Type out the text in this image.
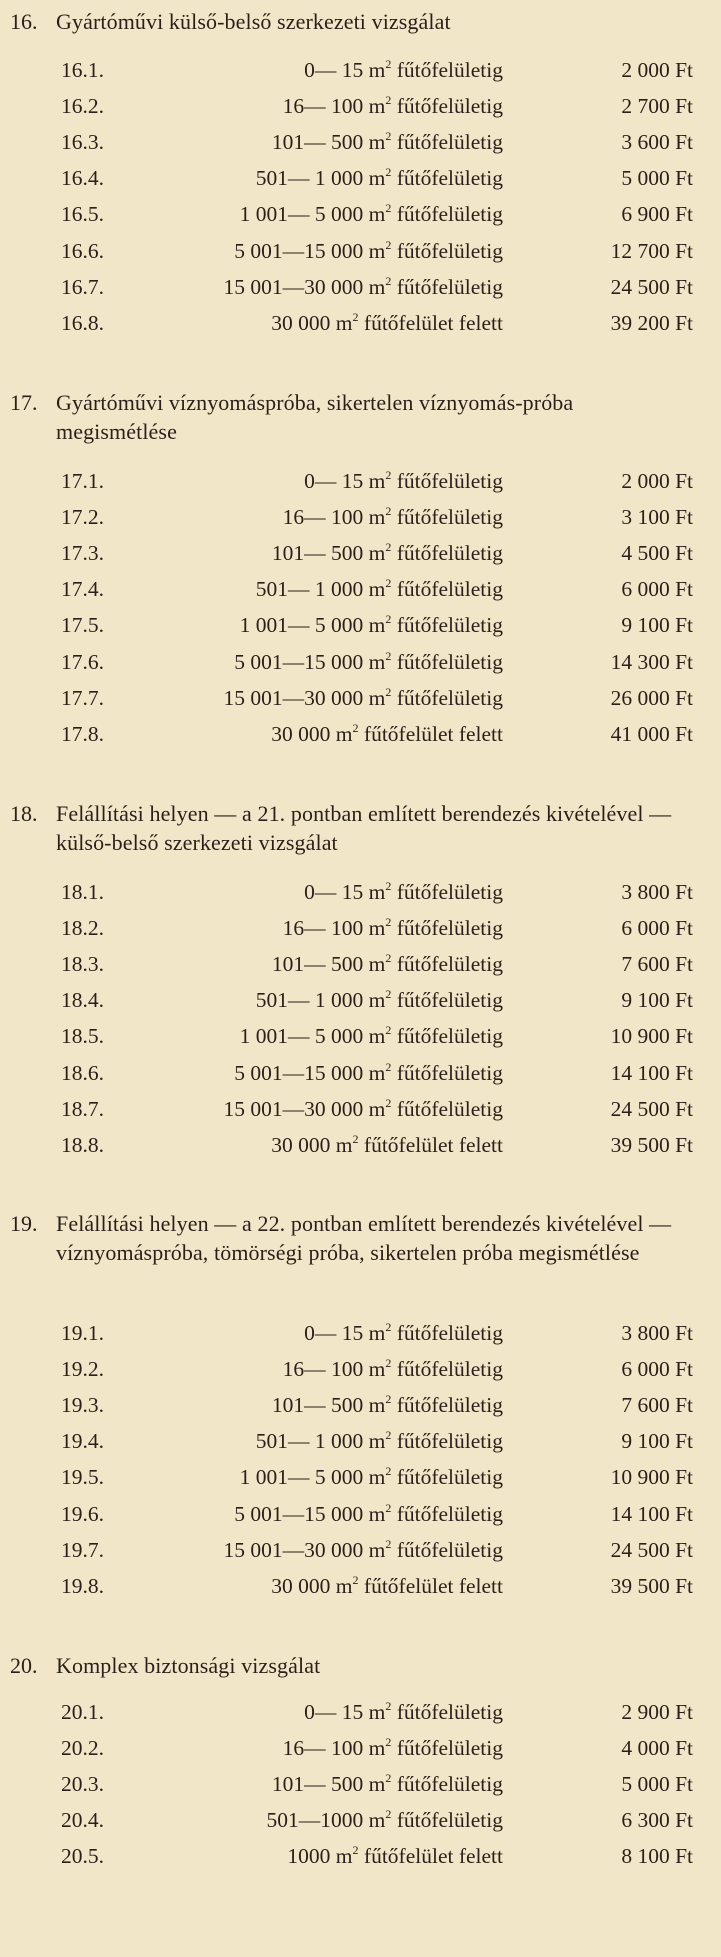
16. Gyártóművi külső-belső szerkezeti vizsgálat
16.1.	0— 15 $m^2$ fűtőfelületig	2 000 Ft
16.2.	16— 100 $m^2$ fűtőfelületig	2 700 Ft
16.3.	101— 500 $m^2$ fűtőfelületig	3 600 Ft
16.4.	501— 1 000 $m^2$ fűtőfelületig	5 000 Ft
16.5.	1 001— 5 000 $m^2$ fűtőfelületig	6 900 Ft
16.6.	5 001—15 000 $m^2$ fűtőfelületig	12 700 Ft
16.7.	15 001—30 000 $m^2$ fűtőfelületig	24 500 Ft
16.8.	30 000 $m^2$ fűtőfelület felett	39 200 Ft
17. Gyártóművi víznyomáspróba, sikertelen víznyomás-próba megismétlése
17.1.	0— 15 $m^2$ fűtőfelületig	2 000 Ft
17.2.	16— 100 $m^2$ fűtőfelületig	3 100 Ft
17.3.	101— 500 $m^2$ fűtőfelületig	4 500 Ft
17.4.	501— 1 000 $m^2$ fűtőfelületig	6 000 Ft
17.5.	1 001— 5 000 $m^2$ fűtőfelületig	9 100 Ft
17.6.	5 001—15 000 $m^2$ fűtőfelületig	14 300 Ft
17.7.	15 001—30 000 $m^2$ fűtőfelületig	26 000 Ft
17.8.	30 000 $m^2$ fűtőfelület felett	41 000 Ft
18. Felállítási helyen — a 21. pontban említett berendezés kivételével — külső-belső szerkezeti vizsgálat
18.1.	0— 15 $m^2$ fűtőfelületig	3 800 Ft
18.2.	16— 100 $m^2$ fűtőfelületig	6 000 Ft
18.3.	101— 500 $m^2$ fűtőfelületig	7 600 Ft
18.4.	501— 1 000 $m^2$ fűtőfelületig	9 100 Ft
18.5.	1 001— 5 000 $m^2$ fűtőfelületig	10 900 Ft
18.6.	5 001—15 000 $m^2$ fűtőfelületig	14 100 Ft
18.7.	15 001—30 000 $m^2$ fűtőfelületig	24 500 Ft
18.8.	30 000 $m^2$ fűtőfelület felett	39 500 Ft
19. Felállítási helyen — a 22. pontban említett berendezés kivételével — víznyomáspróba, tömörségi próba, sikertelen próba megismétlése
19.1.	0— 15 $m^2$ fűtőfelületig	3 800 Ft
19.2.	16— 100 $m^2$ fűtőfelületig	6 000 Ft
19.3.	101— 500 $m^2$ fűtőfelületig	7 600 Ft
19.4.	501— 1 000 $m^2$ fűtőfelületig	9 100 Ft
19.5.	1 001— 5 000 $m^2$ fűtőfelületig	10 900 Ft
19.6.	5 001—15 000 $m^2$ fűtőfelületig	14 100 Ft
19.7.	15 001—30 000 $m^2$ fűtőfelületig	24 500 Ft
19.8.	30 000 $m^2$ fűtőfelület felett	39 500 Ft
20. Komplex biztonsági vizsgálat
20.1.	0— 15 $m^2$ fűtőfelületig	2 900 Ft
20.2.	16— 100 $m^2$ fűtőfelületig	4 000 Ft
20.3.	101— 500 $m^2$ fűtőfelületig	5 000 Ft
20.4.	501—1000 $m^2$ fűtőfelületig	6 300 Ft
20.5.	1000 $m^2$ fűtőfelület felett	8 100 Ft
